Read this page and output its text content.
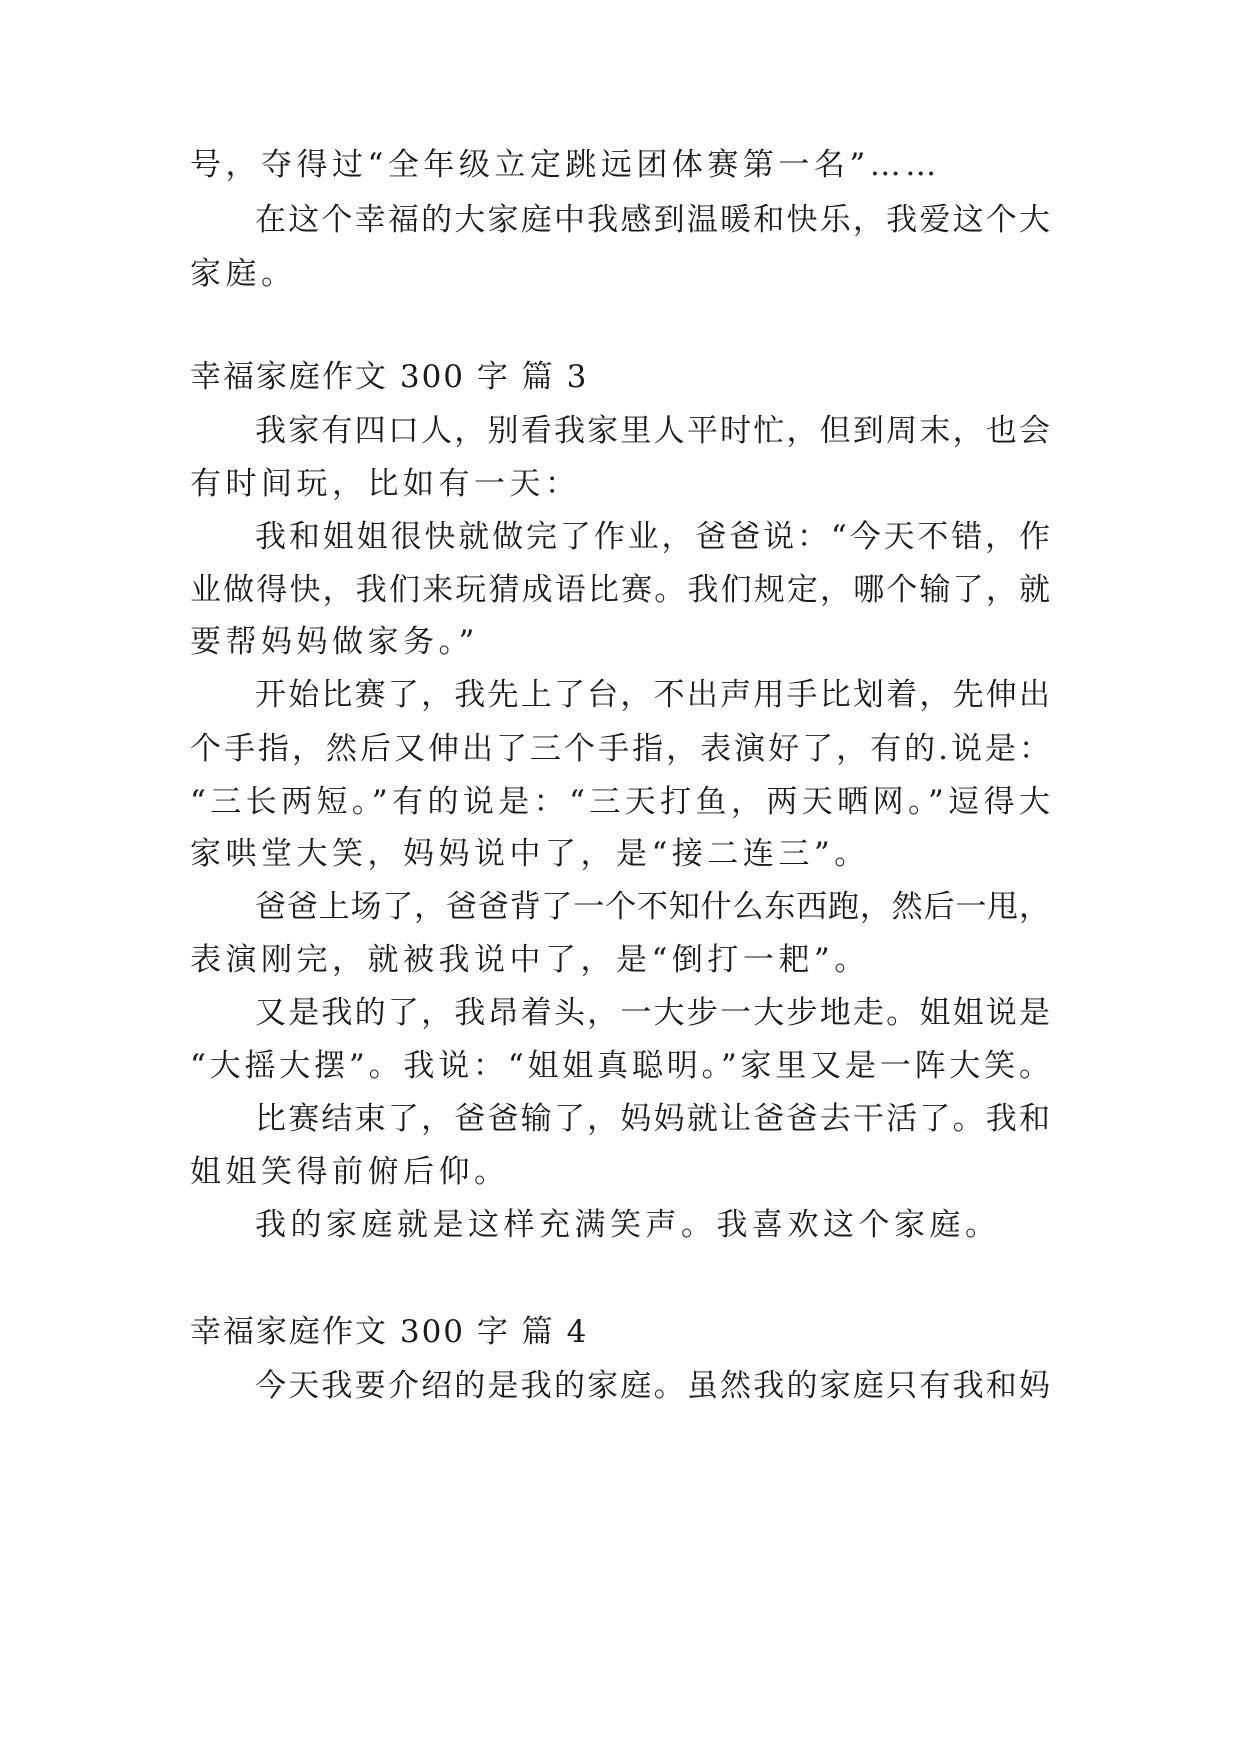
号，夺得过“全年级立定跳远团体赛第一名”……
在这个幸福的大家庭中我感到温暖和快乐，我爱这个大
家庭。
幸福家庭作文 300 字 篇 3
我家有四口人，别看我家里人平时忙，但到周末，也会
有时间玩，比如有一天：
我和姐姐很快就做完了作业，爸爸说：“今天不错，作
业做得快，我们来玩猜成语比赛。我们规定，哪个输了，就
要帮妈妈做家务。”
开始比赛了，我先上了台，不出声用手比划着，先伸出
个手指，然后又伸出了三个手指，表演好了，有的.说是：
“三长两短。”有的说是：“三天打鱼，两天晒网。”逗得大
家哄堂大笑，妈妈说中了，是“接二连三”。
爸爸上场了，爸爸背了一个不知什么东西跑，然后一甩，
表演刚完，就被我说中了，是“倒打一耙”。
又是我的了，我昂着头，一大步一大步地走。姐姐说是
“大摇大摆”。我说：“姐姐真聪明。”家里又是一阵大笑。
比赛结束了，爸爸输了，妈妈就让爸爸去干活了。我和
姐姐笑得前俯后仰。
我的家庭就是这样充满笑声。我喜欢这个家庭。
幸福家庭作文 300 字 篇 4
今天我要介绍的是我的家庭。虽然我的家庭只有我和妈
